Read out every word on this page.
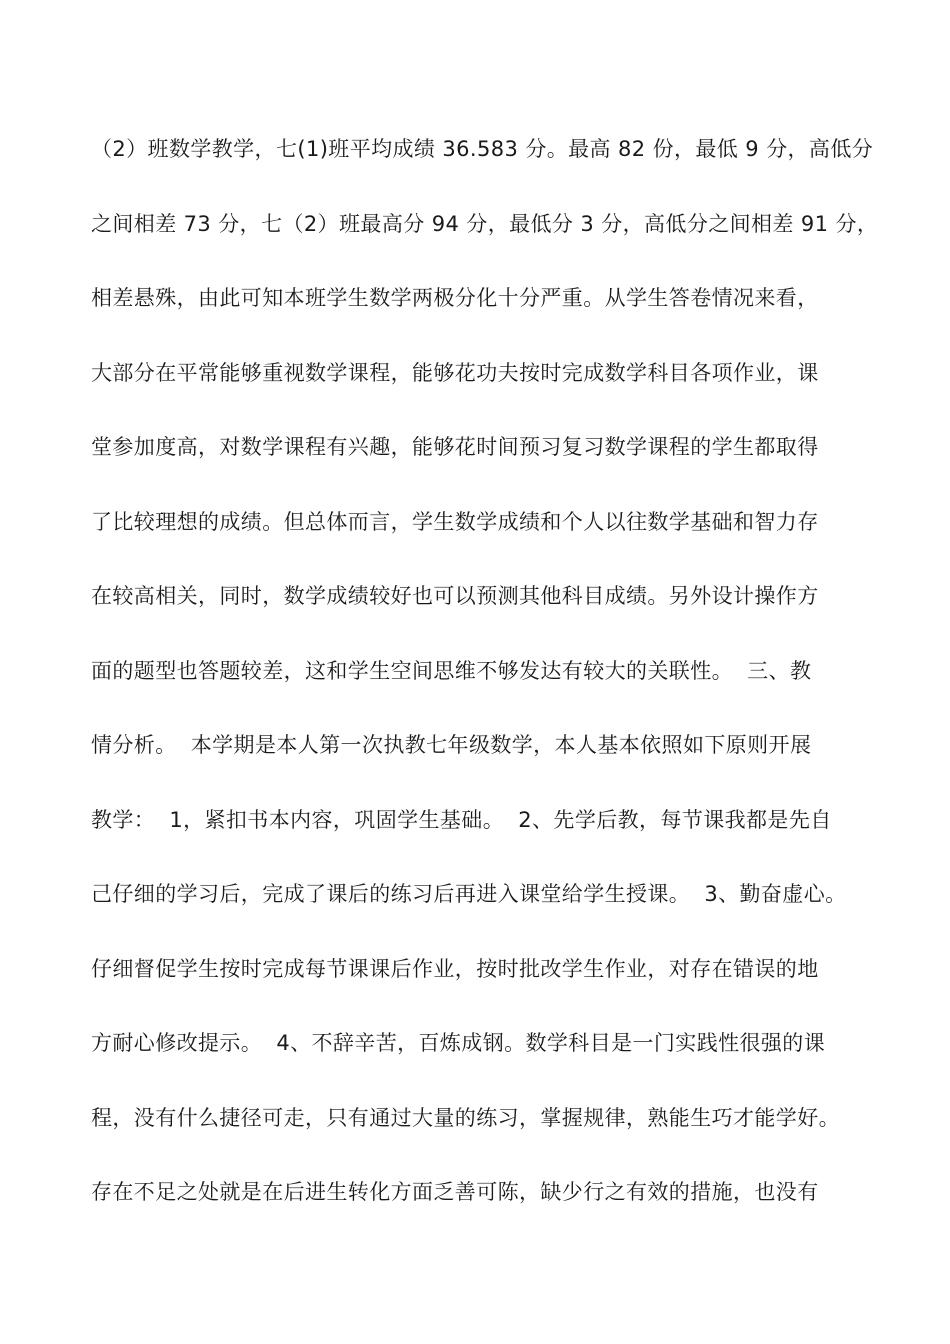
（2）班数学教学，七(1)班平均成绩 36.583 分。最高 82 份，最低 9 分，高低分
之间相差 73 分，七（2）班最高分 94 分，最低分 3 分，高低分之间相差 91 分，
相差悬殊，由此可知本班学生数学两极分化十分严重。从学生答卷情况来看，
大部分在平常能够重视数学课程，能够花功夫按时完成数学科目各项作业，课
堂参加度高，对数学课程有兴趣，能够花时间预习复习数学课程的学生都取得
了比较理想的成绩。但总体而言，学生数学成绩和个人以往数学基础和智力存
在较高相关，同时，数学成绩较好也可以预测其他科目成绩。另外设计操作方
面的题型也答题较差，这和学生空间思维不够发达有较大的关联性。  三、教
情分析。  本学期是本人第一次执教七年级数学，本人基本依照如下原则开展
教学：  1，紧扣书本内容，巩固学生基础。  2、先学后教，每节课我都是先自
己仔细的学习后，完成了课后的练习后再进入课堂给学生授课。  3、勤奋虚心。
仔细督促学生按时完成每节课课后作业，按时批改学生作业，对存在错误的地
方耐心修改提示。  4、不辞辛苦，百炼成钢。数学科目是一门实践性很强的课
程，没有什么捷径可走，只有通过大量的练习，掌握规律，熟能生巧才能学好。
存在不足之处就是在后进生转化方面乏善可陈，缺少行之有效的措施，也没有
